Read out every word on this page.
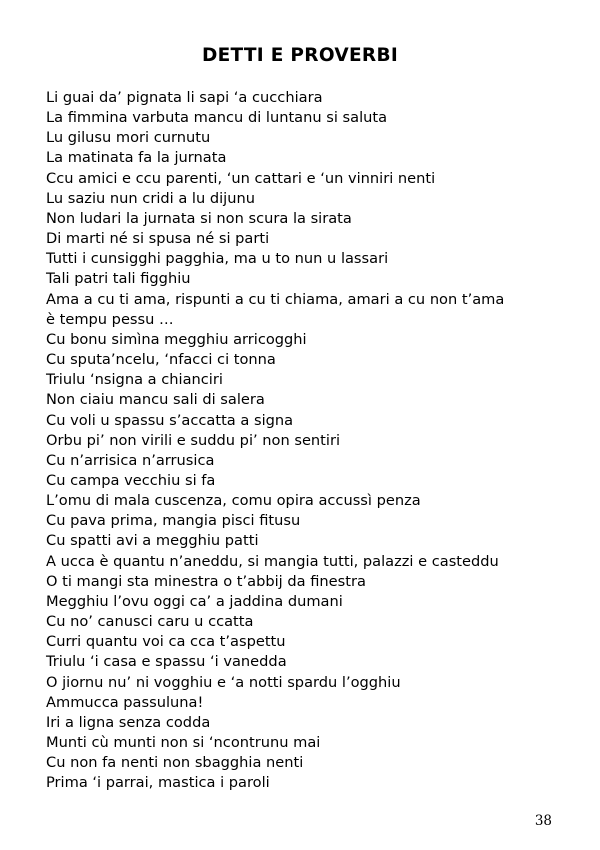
DETTI E PROVERBI
Li guai da’ pignata li sapi ‘a cucchiara
La fimmina varbuta mancu di luntanu si saluta
Lu gilusu mori curnutu
La matinata fa la jurnata
Ccu amici e ccu parenti, ‘un cattari e ‘un vinniri nenti
Lu saziu nun cridi a lu dijunu
Non ludari la jurnata si non scura la sirata
Di marti né si spusa né si parti
Tutti i cunsigghi pagghia, ma u to nun u lassari
Tali patri tali figghiu
Ama a cu ti ama, rispunti a cu ti chiama, amari a cu non t’ama
è tempu pessu …
Cu bonu simìna megghiu arricogghi
Cu sputa’ncelu, ‘nfacci ci tonna
Triulu ‘nsigna a chianciri
Non ciaiu mancu sali di salera
Cu voli u spassu s’accatta a signa
Orbu pi’ non virili e suddu pi’ non sentiri
Cu n’arrisica n’arrusica
Cu campa vecchiu si fa
L’omu di mala cuscenza, comu opira accussì penza
Cu pava prima, mangia pisci fitusu
Cu spatti avi a megghiu patti
A ucca è quantu n’aneddu, si mangia tutti, palazzi e casteddu
O ti mangi sta minestra o t’abbij da finestra
Megghiu l’ovu oggi ca’ a jaddina dumani
Cu no’ canusci caru u ccatta
Curri quantu voi ca cca t’aspettu
Triulu ‘i casa e spassu ‘i vanedda
O jiornu nu’ ni vogghiu e ‘a notti spardu l’ogghiu
Ammucca passuluna!
Iri a ligna senza codda
Munti cù munti non si ‘ncontrunu mai
Cu non fa nenti non sbagghia nenti
Prima ‘i parrai, mastica i paroli
38
